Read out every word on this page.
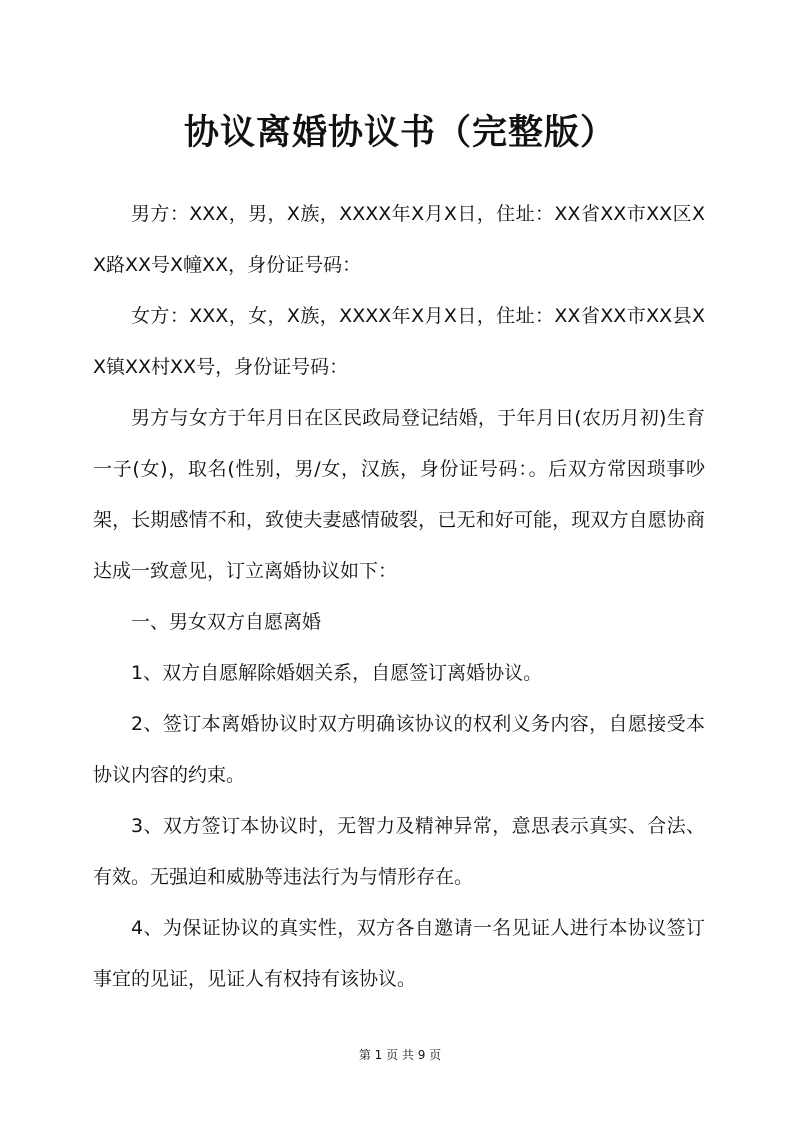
协议离婚协议书（完整版）

男方：XXX，男，X族，XXXX年X月X日，住址：XX省XX市XX区XX路XX号X幢XX，身份证号码：

女方：XXX，女，X族，XXXX年X月X日，住址：XX省XX市XX县XX镇XX村XX号，身份证号码：

男方与女方于年月日在区民政局登记结婚，于年月日(农历月初)生育一子(女)，取名(性别，男/女，汉族，身份证号码：。后双方常因琐事吵架，长期感情不和，致使夫妻感情破裂，已无和好可能，现双方自愿协商达成一致意见，订立离婚协议如下：

一、男女双方自愿离婚

1、双方自愿解除婚姻关系，自愿签订离婚协议。

2、签订本离婚协议时双方明确该协议的权利义务内容，自愿接受本协议内容的约束。

3、双方签订本协议时，无智力及精神异常，意思表示真实、合法、有效。无强迫和威胁等违法行为与情形存在。

4、为保证协议的真实性，双方各自邀请一名见证人进行本协议签订事宜的见证，见证人有权持有该协议。

第 1 页 共 9 页
